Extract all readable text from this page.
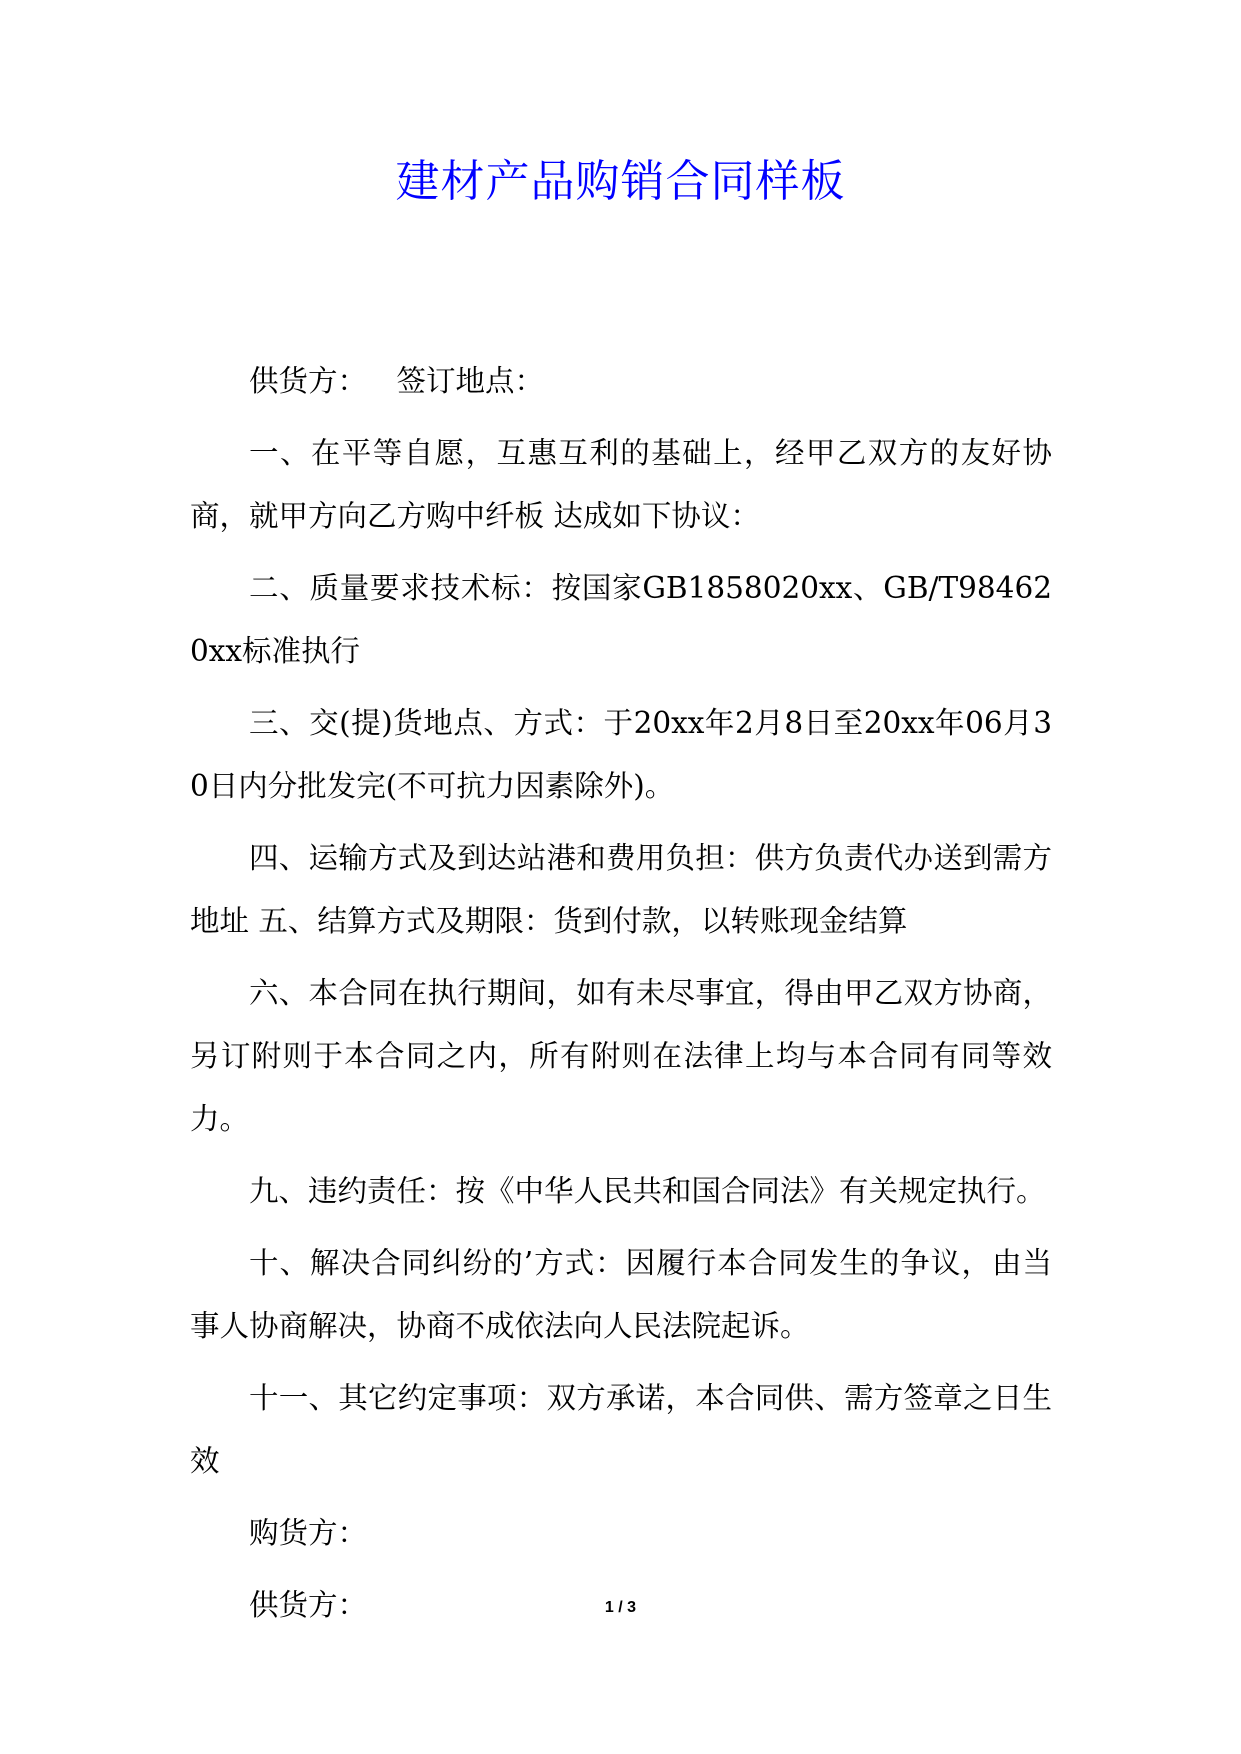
建材产品购销合同样板

供货方： 签订地点：

一、在平等自愿，互惠互利的基础上，经甲乙双方的友好协商，就甲方向乙方购中纤板 达成如下协议：

二、质量要求技术标：按国家GB1858020xx、GB/T984620xx标准执行

三、交(提)货地点、方式：于20xx年2月8日至20xx年06月30日内分批发完(不可抗力因素除外)。

四、运输方式及到达站港和费用负担：供方负责代办送到需方地址 五、结算方式及期限：货到付款，以转账现金结算

六、本合同在执行期间，如有未尽事宜，得由甲乙双方协商，另订附则于本合同之内，所有附则在法律上均与本合同有同等效力。

九、违约责任：按《中华人民共和国合同法》有关规定执行。

十、解决合同纠纷的’方式：因履行本合同发生的争议，由当事人协商解决，协商不成依法向人民法院起诉。

十一、其它约定事项：双方承诺，本合同供、需方签章之日生效

购货方：

供货方：	1 / 3
